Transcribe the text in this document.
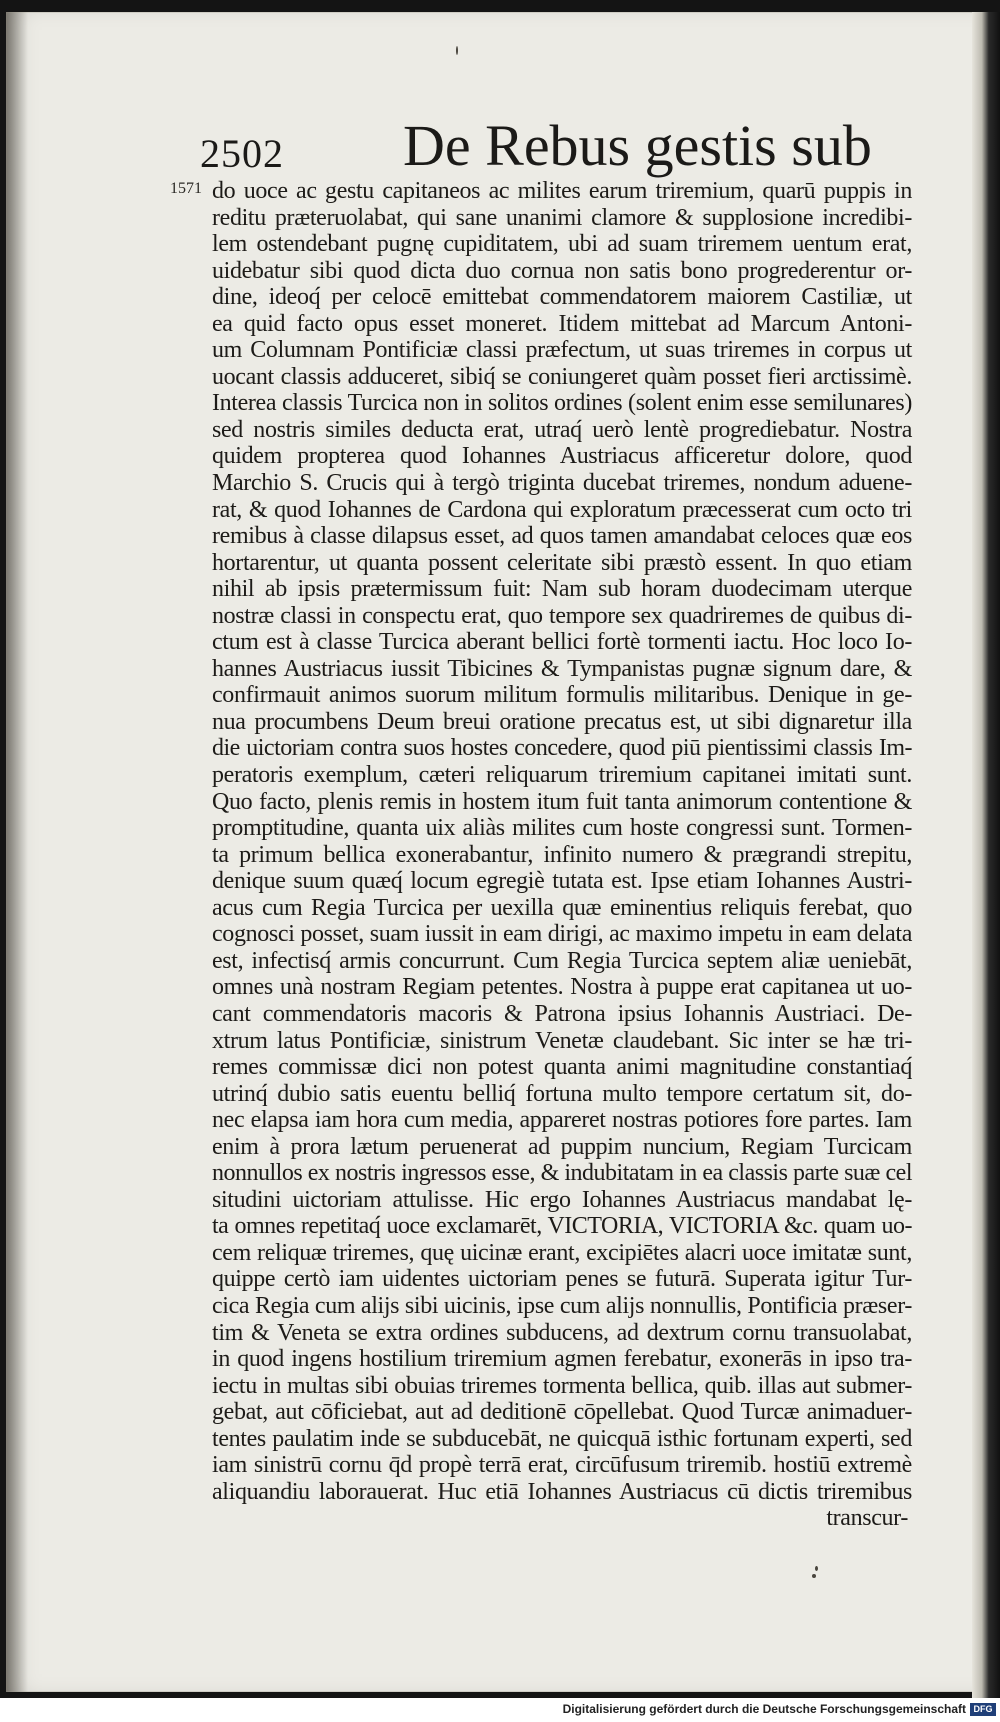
2502 De Rebus gestis sub
1571 do uoce ac gestu capitaneos ac milites earum triremium, quarū puppis in
reditu præteruolabat, qui sane unanimi clamore & supplosione incredibi-
lem ostendebant pugnę cupiditatem, ubi ad suam triremem uentum erat,
uidebatur sibi quod dicta duo cornua non satis bono progrederentur or-
dine, ideoq́ per celocē emittebat commendatorem maiorem Castiliæ, ut
ea quid facto opus esset moneret. Itidem mittebat ad Marcum Antoni-
um Columnam Pontificiæ classi præfectum, ut suas triremes in corpus ut
uocant classis adduceret, sibiq́ se coniungeret quàm posset fieri arctissimè.
Interea classis Turcica non in solitos ordines (solent enim esse semilunares)
sed nostris similes deducta erat, utraq́ uerò lentè progrediebatur. Nostra
quidem propterea quod Iohannes Austriacus afficeretur dolore, quod
Marchio S. Crucis qui à tergò triginta ducebat triremes, nondum aduene-
rat, & quod Iohannes de Cardona qui exploratum præcesserat cum octo tri
remibus à classe dilapsus esset, ad quos tamen amandabat celoces quæ eos
hortarentur, ut quanta possent celeritate sibi præstò essent. In quo etiam
nihil ab ipsis prætermissum fuit: Nam sub horam duodecimam uterque
nostræ classi in conspectu erat, quo tempore sex quadriremes de quibus di-
ctum est à classe Turcica aberant bellici fortè tormenti iactu. Hoc loco Io-
hannes Austriacus iussit Tibicines & Tympanistas pugnæ signum dare, &
confirmauit animos suorum militum formulis militaribus. Denique in ge-
nua procumbens Deum breui oratione precatus est, ut sibi dignaretur illa
die uictoriam contra suos hostes concedere, quod piū pientissimi classis Im-
peratoris exemplum, cæteri reliquarum triremium capitanei imitati sunt.
Quo facto, plenis remis in hostem itum fuit tanta animorum contentione &
promptitudine, quanta uix aliàs milites cum hoste congressi sunt. Tormen-
ta primum bellica exonerabantur, infinito numero & prægrandi strepitu,
denique suum quæq́ locum egregiè tutata est. Ipse etiam Iohannes Austri-
acus cum Regia Turcica per uexilla quæ eminentius reliquis ferebat, quo
cognosci posset, suam iussit in eam dirigi, ac maximo impetu in eam delata
est, infectisq́ armis concurrunt. Cum Regia Turcica septem aliæ ueniebāt,
omnes unà nostram Regiam petentes. Nostra à puppe erat capitanea ut uo-
cant commendatoris macoris & Patrona ipsius Iohannis Austriaci. De-
xtrum latus Pontificiæ, sinistrum Venetæ claudebant. Sic inter se hæ tri-
remes commissæ dici non potest quanta animi magnitudine constantiaq́
utrinq́ dubio satis euentu belliq́ fortuna multo tempore certatum sit, do-
nec elapsa iam hora cum media, appareret nostras potiores fore partes. Iam
enim à prora lætum peruenerat ad puppim nuncium, Regiam Turcicam
nonnullos ex nostris ingressos esse, & indubitatam in ea classis parte suæ cel
situdini uictoriam attulisse. Hic ergo Iohannes Austriacus mandabat lę-
ta omnes repetitaq́ uoce exclamarēt, VICTORIA, VICTORIA &c. quam uo-
cem reliquæ triremes, quę uicinæ erant, excipiētes alacri uoce imitatæ sunt,
quippe certò iam uidentes uictoriam penes se futurā. Superata igitur Tur-
cica Regia cum alijs sibi uicinis, ipse cum alijs nonnullis, Pontificia præser-
tim & Veneta se extra ordines subducens, ad dextrum cornu transuolabat,
in quod ingens hostilium triremium agmen ferebatur, exonerās in ipso tra-
iectu in multas sibi obuias triremes tormenta bellica, quib. illas aut submer-
gebat, aut cōficiebat, aut ad deditionē cōpellebat. Quod Turcæ animaduer-
tentes paulatim inde se subducebāt, ne quicquā isthic fortunam experti, sed
iam sinistrū cornu q̄d propè terrā erat, circūfusum triremib. hostiū extremè
aliquandiu laborauerat. Huc etiā Iohannes Austriacus cū dictis triremibus
transcur-
Digitalisierung gefördert durch die Deutsche Forschungsgemeinschaft DFG
